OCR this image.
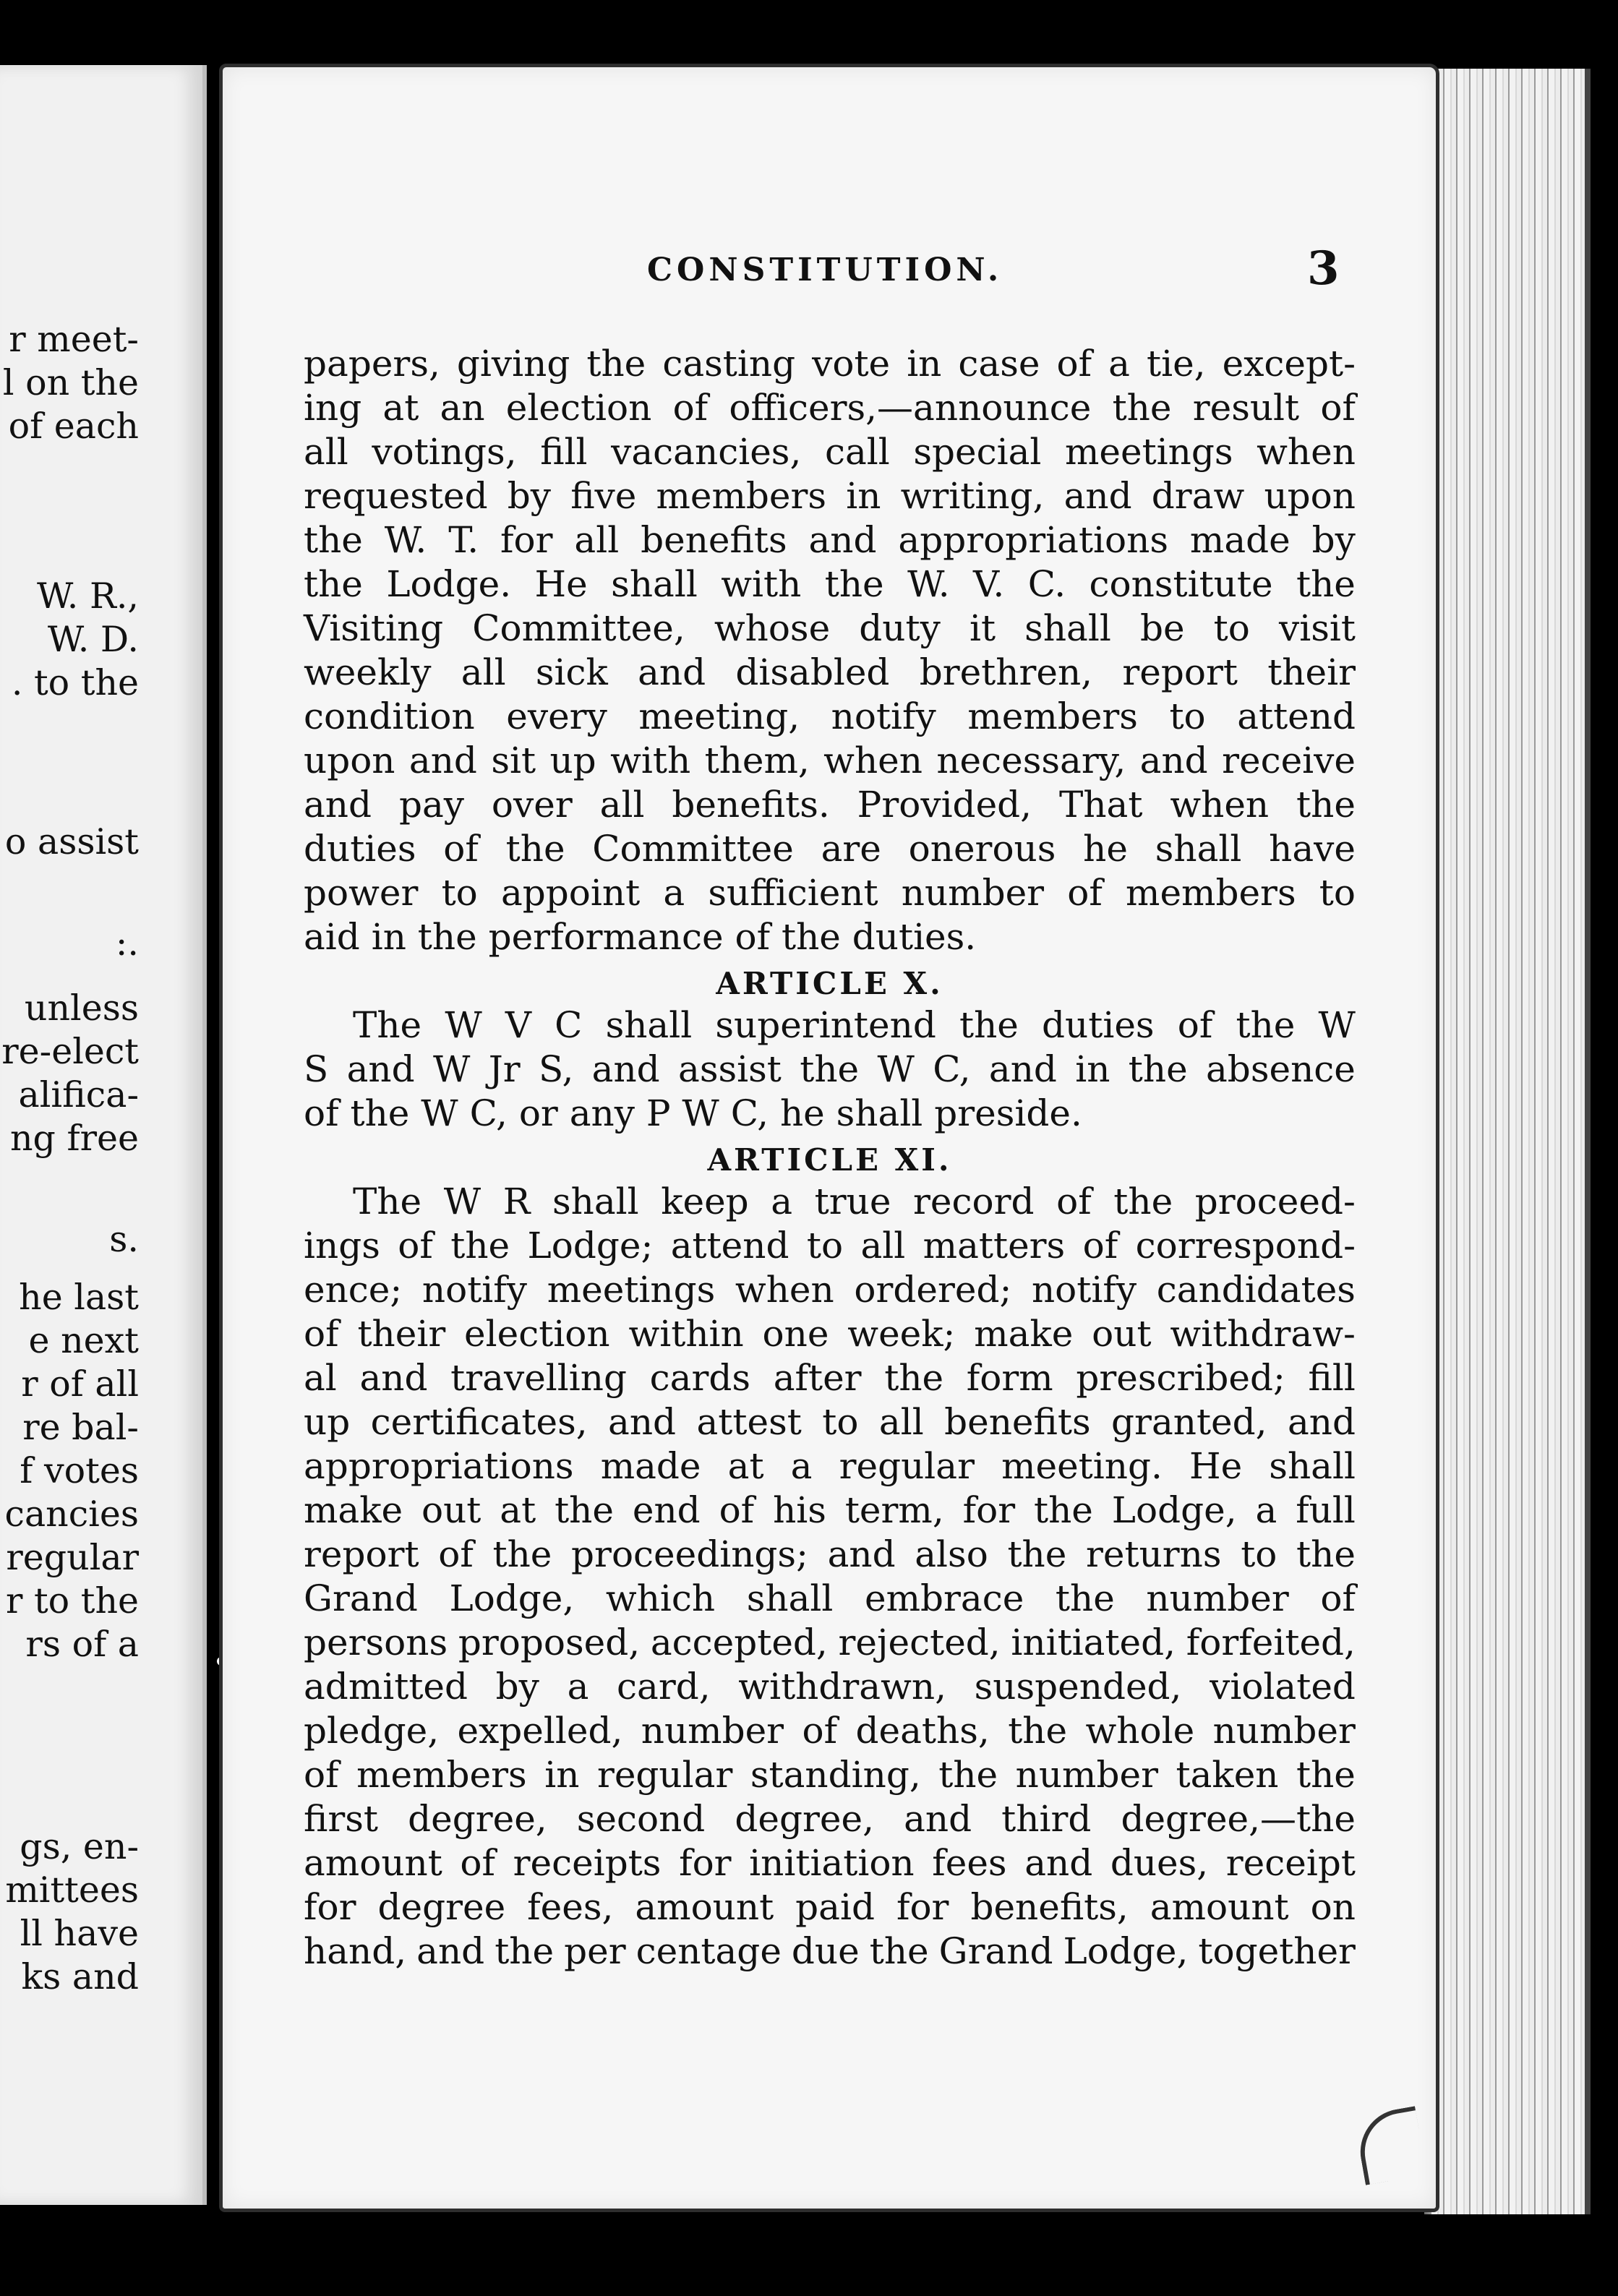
r meet-
l on the
of each
W. R.,
W. D.
. to the
o assist
:.
unless
re-elect
alifica-
ng free
s.
he last
e next
r of all
re bal-
f votes
cancies
regular
r to the
rs of a
gs, en-
mittees
ll have
ks and
CONSTITUTION.	3
papers, giving the casting vote in case of a tie, except-
ing at an election of officers,—announce the result of
all votings, fill vacancies, call special meetings when
requested by five members in writing, and draw upon
the W. T. for all benefits and appropriations made by
the Lodge. He shall with the W. V. C. constitute the
Visiting Committee, whose duty it shall be to visit
weekly all sick and disabled brethren, report their
condition every meeting, notify members to attend
upon and sit up with them, when necessary, and receive
and pay over all benefits. Provided, That when the
duties of the Committee are onerous he shall have
power to appoint a sufficient number of members to
aid in the performance of the duties.
ARTICLE X.
The W V C shall superintend the duties of the W
S and W Jr S, and assist the W C, and in the absence
of the W C, or any P W C, he shall preside.
ARTICLE XI.
The W R shall keep a true record of the proceed-
ings of the Lodge; attend to all matters of correspond-
ence; notify meetings when ordered; notify candidates
of their election within one week; make out withdraw-
al and travelling cards after the form prescribed; fill
up certificates, and attest to all benefits granted, and
appropriations made at a regular meeting. He shall
make out at the end of his term, for the Lodge, a full
report of the proceedings; and also the returns to the
Grand Lodge, which shall embrace the number of
persons proposed, accepted, rejected, initiated, forfeited,
admitted by a card, withdrawn, suspended, violated
pledge, expelled, number of deaths, the whole number
of members in regular standing, the number taken the
first degree, second degree, and third degree,—the
amount of receipts for initiation fees and dues, receipt
for degree fees, amount paid for benefits, amount on
hand, and the per centage due the Grand Lodge, together
